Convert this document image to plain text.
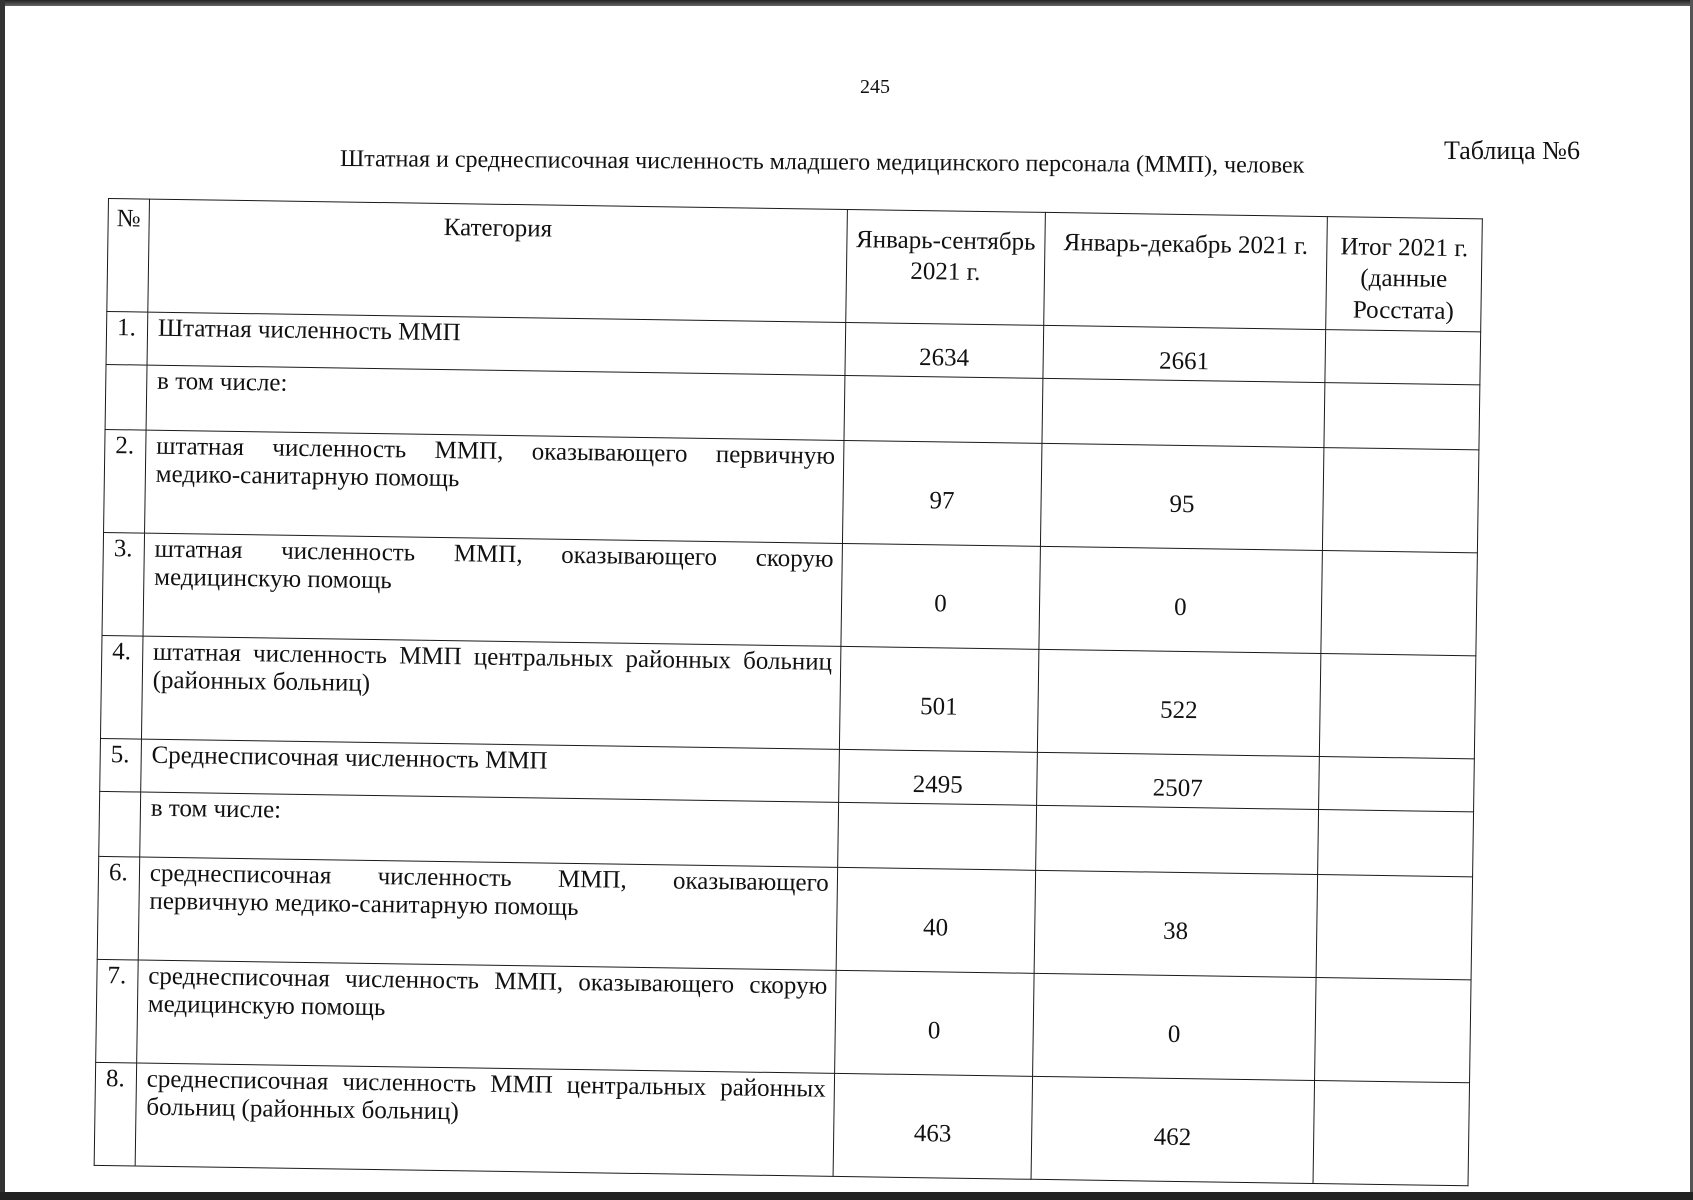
245
Таблица №6
Штатная и среднесписочная численность младшего медицинского персонала (ММП), человек
№	Категория	Январь-сентябрь 2021 г.	Январь-декабрь 2021 г.	Итог 2021 г. (данные Росстата)
1.	Штатная численность ММП	2634	2661	
	в том числе:			
2.	штатная численность ММП, оказывающего первичную медико-санитарную помощь	97	95	
3.	штатная численность ММП, оказывающего скорую медицинскую помощь	0	0	
4.	штатная численность ММП центральных районных больниц (районных больниц)	501	522	
5.	Среднесписочная численность ММП	2495	2507	
	в том числе:			
6.	среднесписочная численность ММП, оказывающего первичную медико-санитарную помощь	40	38	
7.	среднесписочная численность ММП, оказывающего скорую медицинскую помощь	0	0	
8.	среднесписочная численность ММП центральных районных больниц (районных больниц)	463	462	
